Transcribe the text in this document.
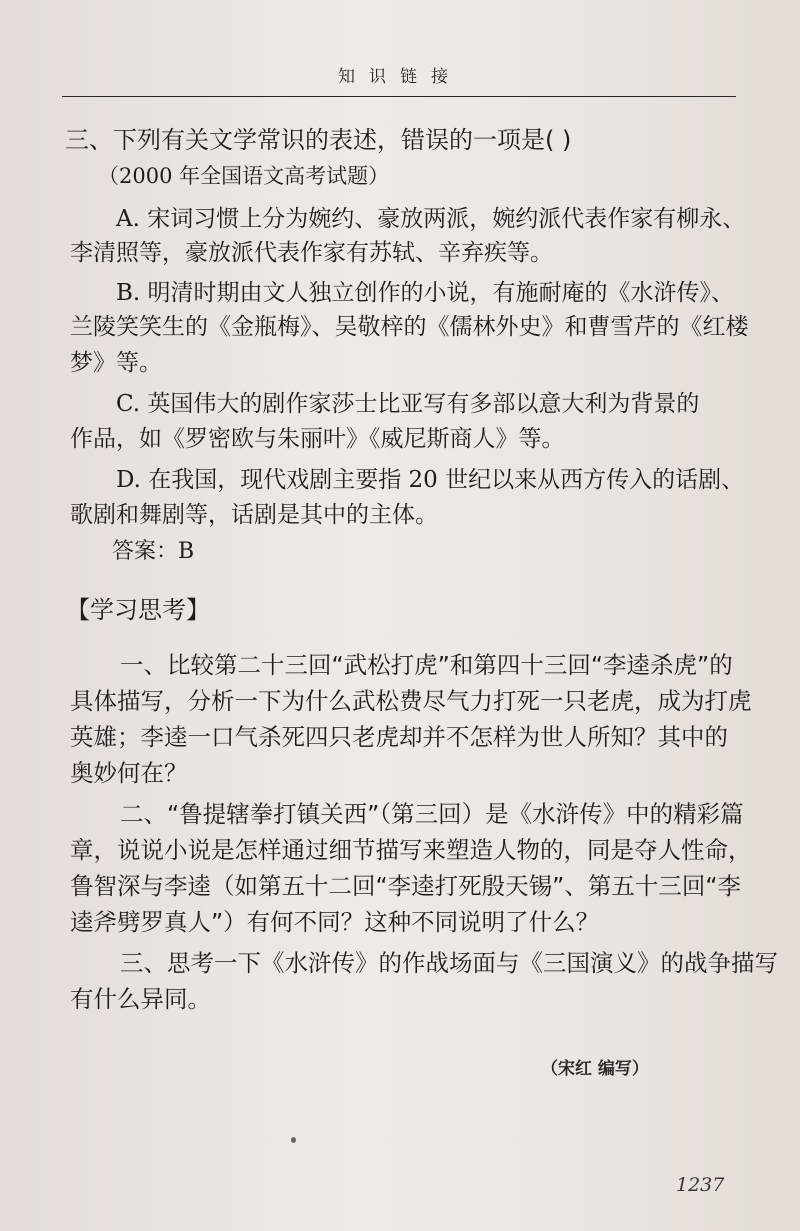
知识链接
三、下列有关文学常识的表述，错误的一项是( )
（2000 年全国语文高考试题）
A. 宋词习惯上分为婉约、豪放两派，婉约派代表作家有柳永、
李清照等，豪放派代表作家有苏轼、辛弃疾等。
B. 明清时期由文人独立创作的小说，有施耐庵的《水浒传》、
兰陵笑笑生的《金瓶梅》、吴敬梓的《儒林外史》和曹雪芹的《红楼
梦》等。
C. 英国伟大的剧作家莎士比亚写有多部以意大利为背景的
作品，如《罗密欧与朱丽叶》《威尼斯商人》等。
D. 在我国，现代戏剧主要指 20 世纪以来从西方传入的话剧、
歌剧和舞剧等，话剧是其中的主体。
答案：B
【学习思考】
一、比较第二十三回“武松打虎”和第四十三回“李逵杀虎”的
具体描写，分析一下为什么武松费尽气力打死一只老虎，成为打虎
英雄；李逵一口气杀死四只老虎却并不怎样为世人所知？其中的
奥妙何在？
二、“鲁提辖拳打镇关西”（第三回）是《水浒传》中的精彩篇
章，说说小说是怎样通过细节描写来塑造人物的，同是夺人性命，
鲁智深与李逵（如第五十二回“李逵打死殷天锡”、第五十三回“李
逵斧劈罗真人”）有何不同？这种不同说明了什么？
三、思考一下《水浒传》的作战场面与《三国演义》的战争描写
有什么异同。
（宋红 编写）
1237
